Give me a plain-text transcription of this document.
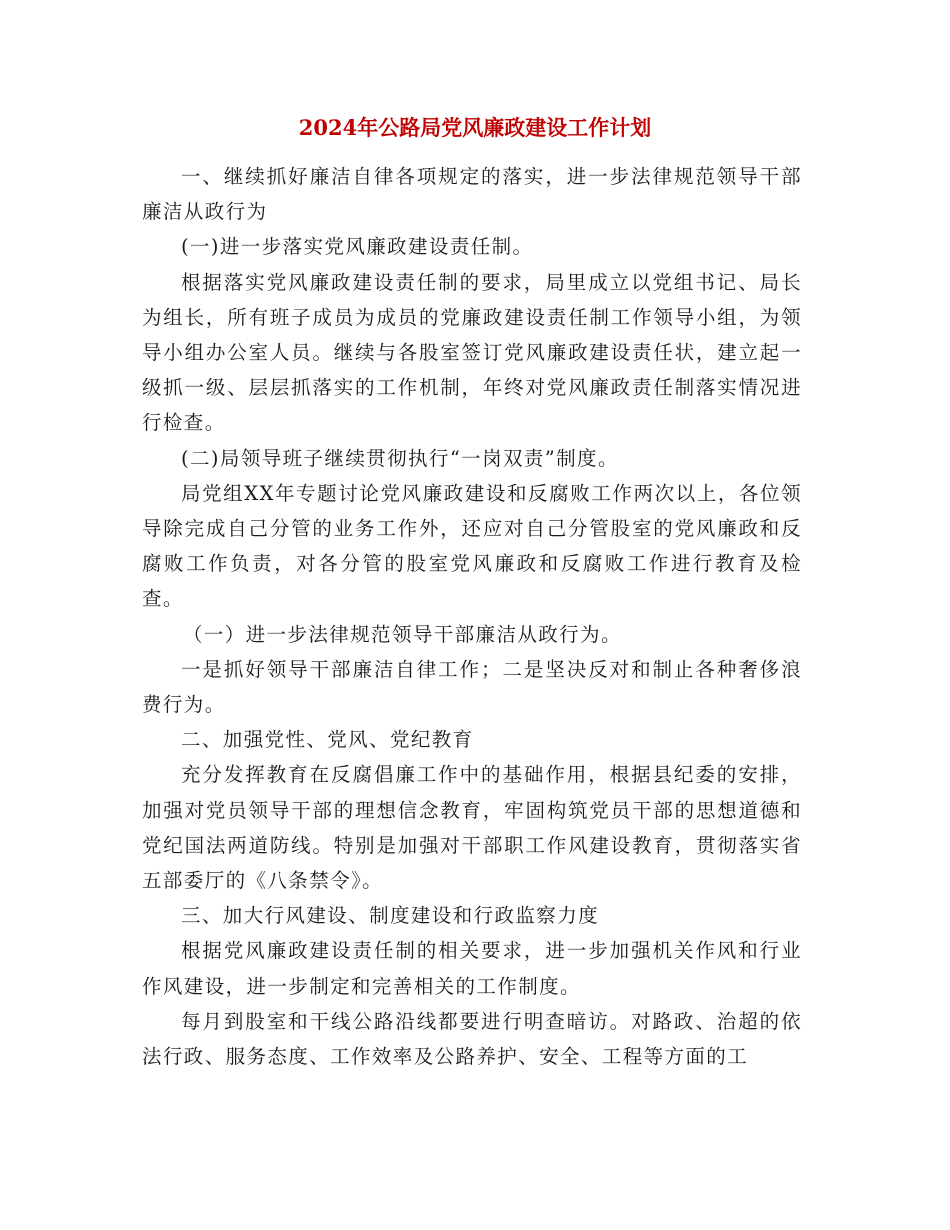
2024年公路局党风廉政建设工作计划

一、继续抓好廉洁自律各项规定的落实，进一步法律规范领导干部廉洁从政行为

(一)进一步落实党风廉政建设责任制。

根据落实党风廉政建设责任制的要求，局里成立以党组书记、局长为组长，所有班子成员为成员的党廉政建设责任制工作领导小组，为领导小组办公室人员。继续与各股室签订党风廉政建设责任状，建立起一级抓一级、层层抓落实的工作机制，年终对党风廉政责任制落实情况进行检查。

(二)局领导班子继续贯彻执行“一岗双责”制度。

局党组XX年专题讨论党风廉政建设和反腐败工作两次以上，各位领导除完成自己分管的业务工作外，还应对自己分管股室的党风廉政和反腐败工作负责，对各分管的股室党风廉政和反腐败工作进行教育及检查。

（一）进一步法律规范领导干部廉洁从政行为。

一是抓好领导干部廉洁自律工作；二是坚决反对和制止各种奢侈浪费行为。

二、加强党性、党风、党纪教育

充分发挥教育在反腐倡廉工作中的基础作用，根据县纪委的安排，加强对党员领导干部的理想信念教育，牢固构筑党员干部的思想道德和党纪国法两道防线。特别是加强对干部职工作风建设教育，贯彻落实省五部委厅的《八条禁令》。

三、加大行风建设、制度建设和行政监察力度

根据党风廉政建设责任制的相关要求，进一步加强机关作风和行业作风建设，进一步制定和完善相关的工作制度。

每月到股室和干线公路沿线都要进行明查暗访。对路政、治超的依法行政、服务态度、工作效率及公路养护、安全、工程等方面的工
